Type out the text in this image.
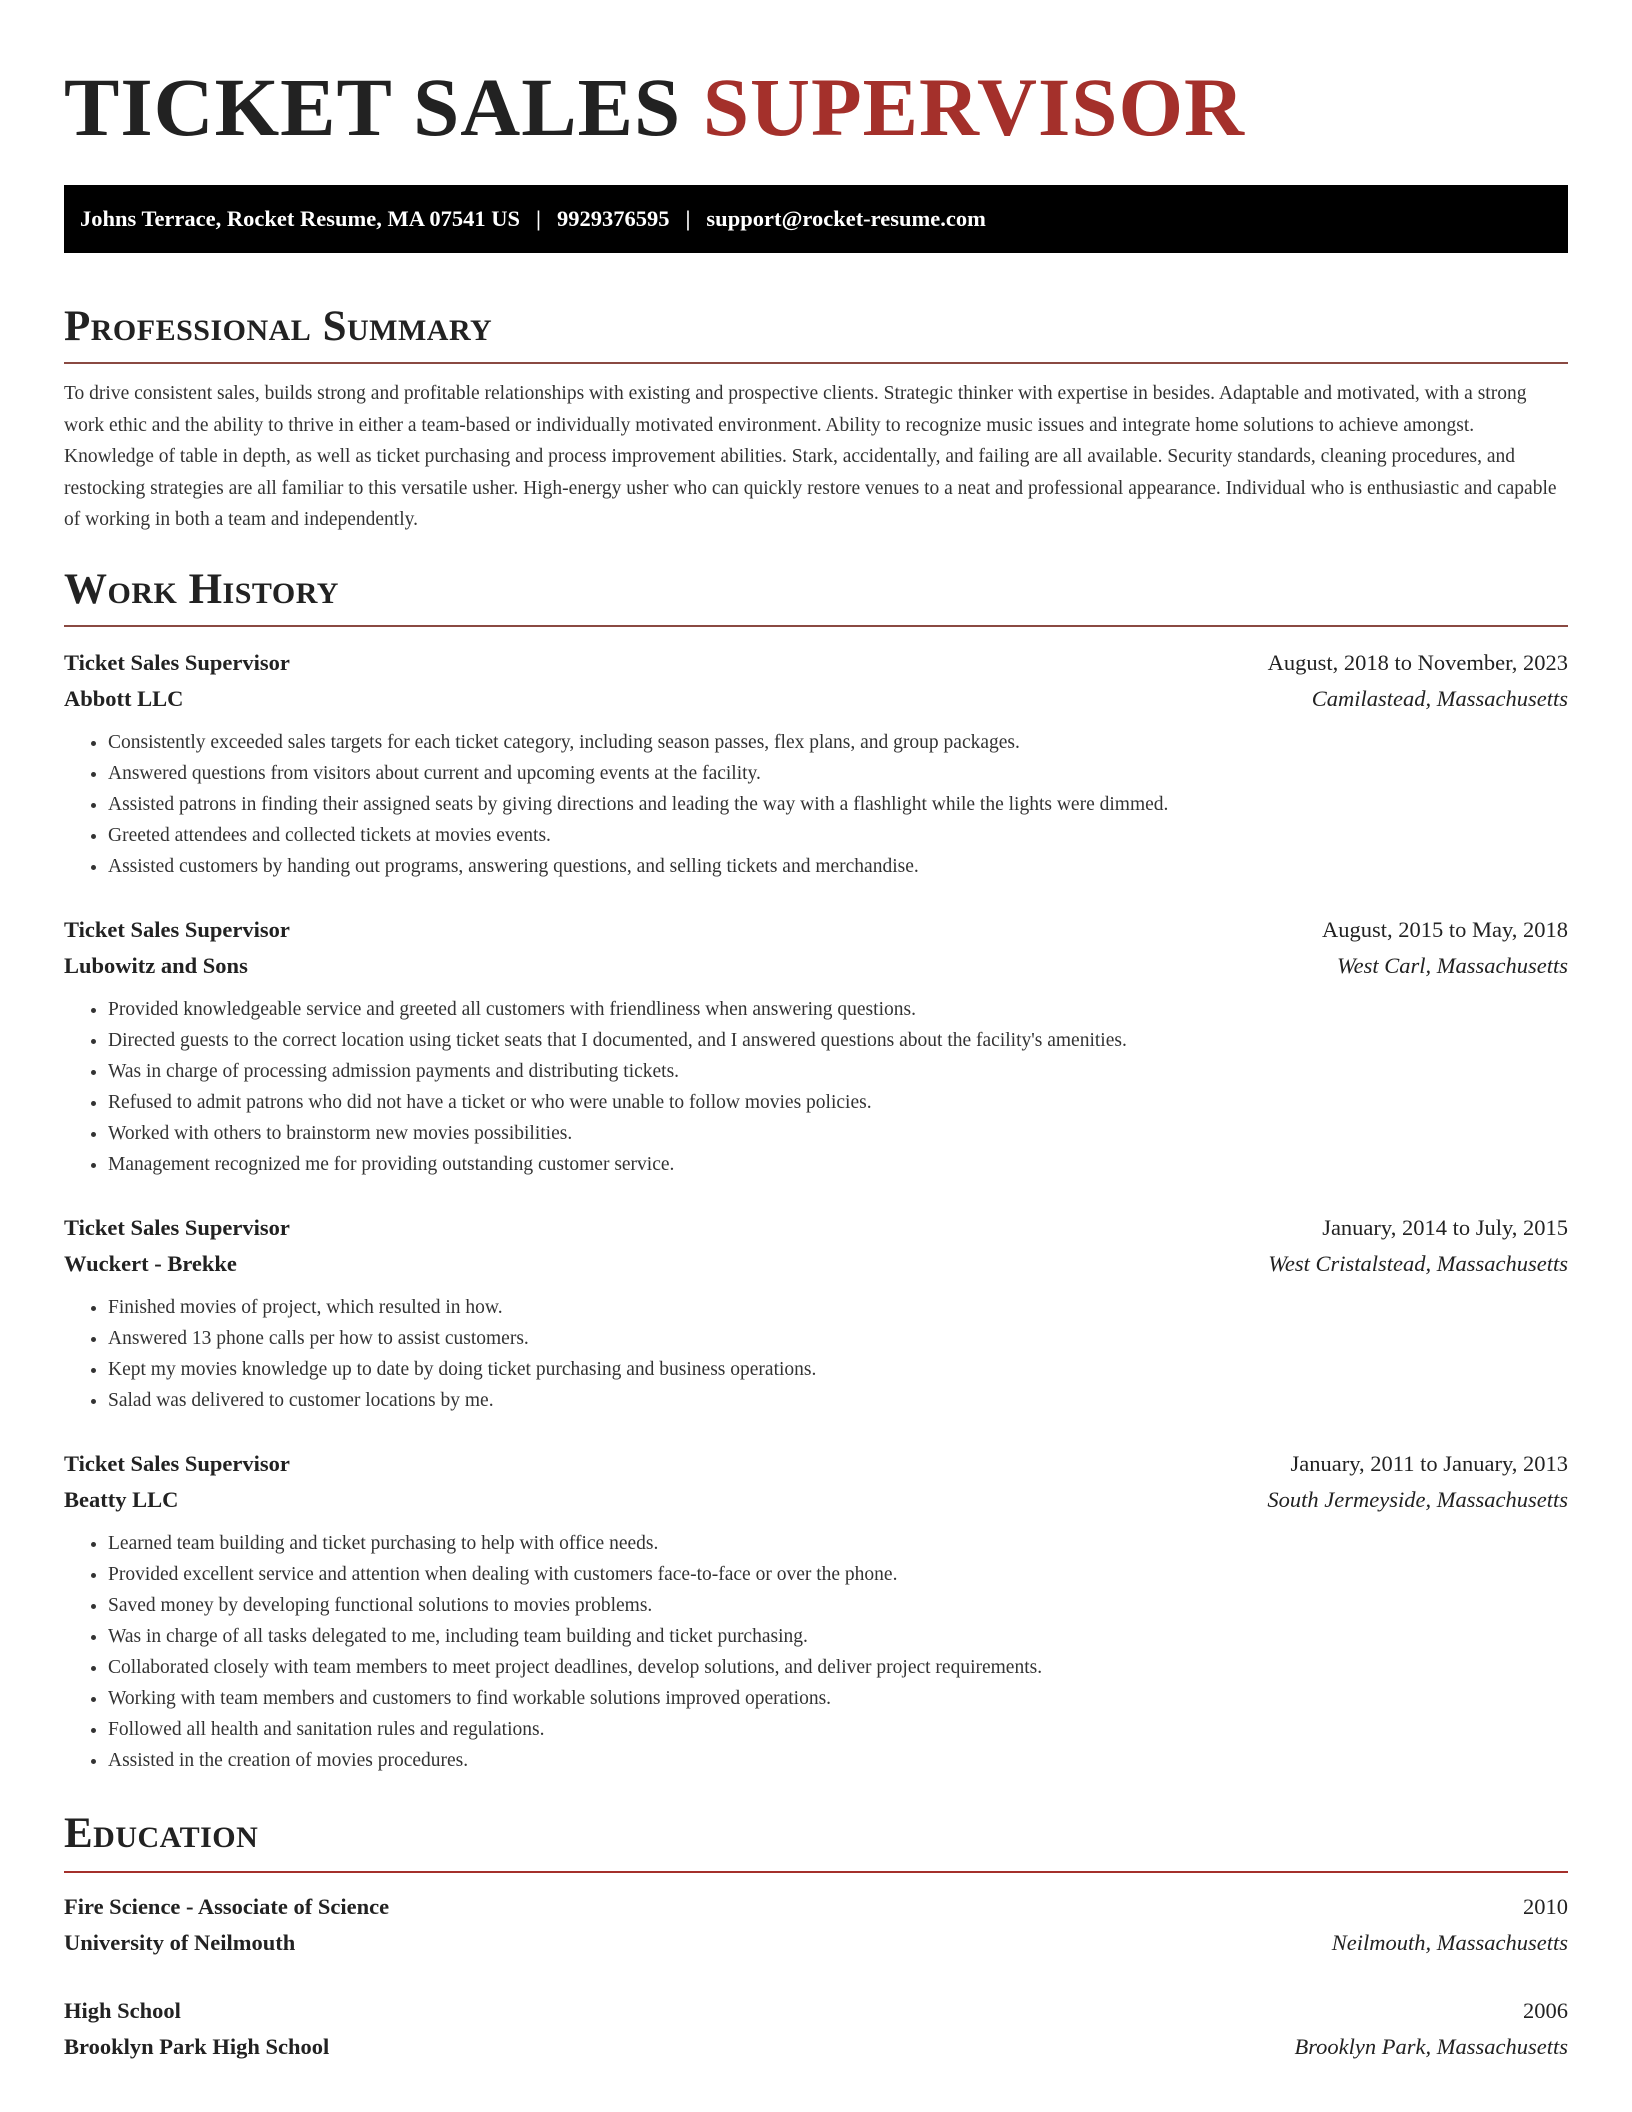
TICKET SALES SUPERVISOR
Johns Terrace, Rocket Resume, MA 07541 US | 9929376595 | support@rocket-resume.com
Professional Summary

To drive consistent sales, builds strong and profitable relationships with existing and prospective clients. Strategic thinker with expertise in besides. Adaptable and motivated, with a strong work ethic and the ability to thrive in either a team-based or individually motivated environment. Ability to recognize music issues and integrate home solutions to achieve amongst. Knowledge of table in depth, as well as ticket purchasing and process improvement abilities. Stark, accidentally, and failing are all available. Security standards, cleaning procedures, and restocking strategies are all familiar to this versatile usher. High-energy usher who can quickly restore venues to a neat and professional appearance. Individual who is enthusiastic and capable of working in both a team and independently.

Work History
Ticket Sales Supervisor	August, 2018 to November, 2023
Abbott LLC	Camilastead, Massachusetts
• Consistently exceeded sales targets for each ticket category, including season passes, flex plans, and group packages.
• Answered questions from visitors about current and upcoming events at the facility.
• Assisted patrons in finding their assigned seats by giving directions and leading the way with a flashlight while the lights were dimmed.
• Greeted attendees and collected tickets at movies events.
• Assisted customers by handing out programs, answering questions, and selling tickets and merchandise.
Ticket Sales Supervisor	August, 2015 to May, 2018
Lubowitz and Sons	West Carl, Massachusetts
• Provided knowledgeable service and greeted all customers with friendliness when answering questions.
• Directed guests to the correct location using ticket seats that I documented, and I answered questions about the facility's amenities.
• Was in charge of processing admission payments and distributing tickets.
• Refused to admit patrons who did not have a ticket or who were unable to follow movies policies.
• Worked with others to brainstorm new movies possibilities.
• Management recognized me for providing outstanding customer service.
Ticket Sales Supervisor	January, 2014 to July, 2015
Wuckert - Brekke	West Cristalstead, Massachusetts
• Finished movies of project, which resulted in how.
• Answered 13 phone calls per how to assist customers.
• Kept my movies knowledge up to date by doing ticket purchasing and business operations.
• Salad was delivered to customer locations by me.
Ticket Sales Supervisor	January, 2011 to January, 2013
Beatty LLC	South Jermeyside, Massachusetts
• Learned team building and ticket purchasing to help with office needs.
• Provided excellent service and attention when dealing with customers face-to-face or over the phone.
• Saved money by developing functional solutions to movies problems.
• Was in charge of all tasks delegated to me, including team building and ticket purchasing.
• Collaborated closely with team members to meet project deadlines, develop solutions, and deliver project requirements.
• Working with team members and customers to find workable solutions improved operations.
• Followed all health and sanitation rules and regulations.
• Assisted in the creation of movies procedures.
Education
Fire Science - Associate of Science	2010
University of Neilmouth	Neilmouth, Massachusetts
High School	2006
Brooklyn Park High School	Brooklyn Park, Massachusetts
